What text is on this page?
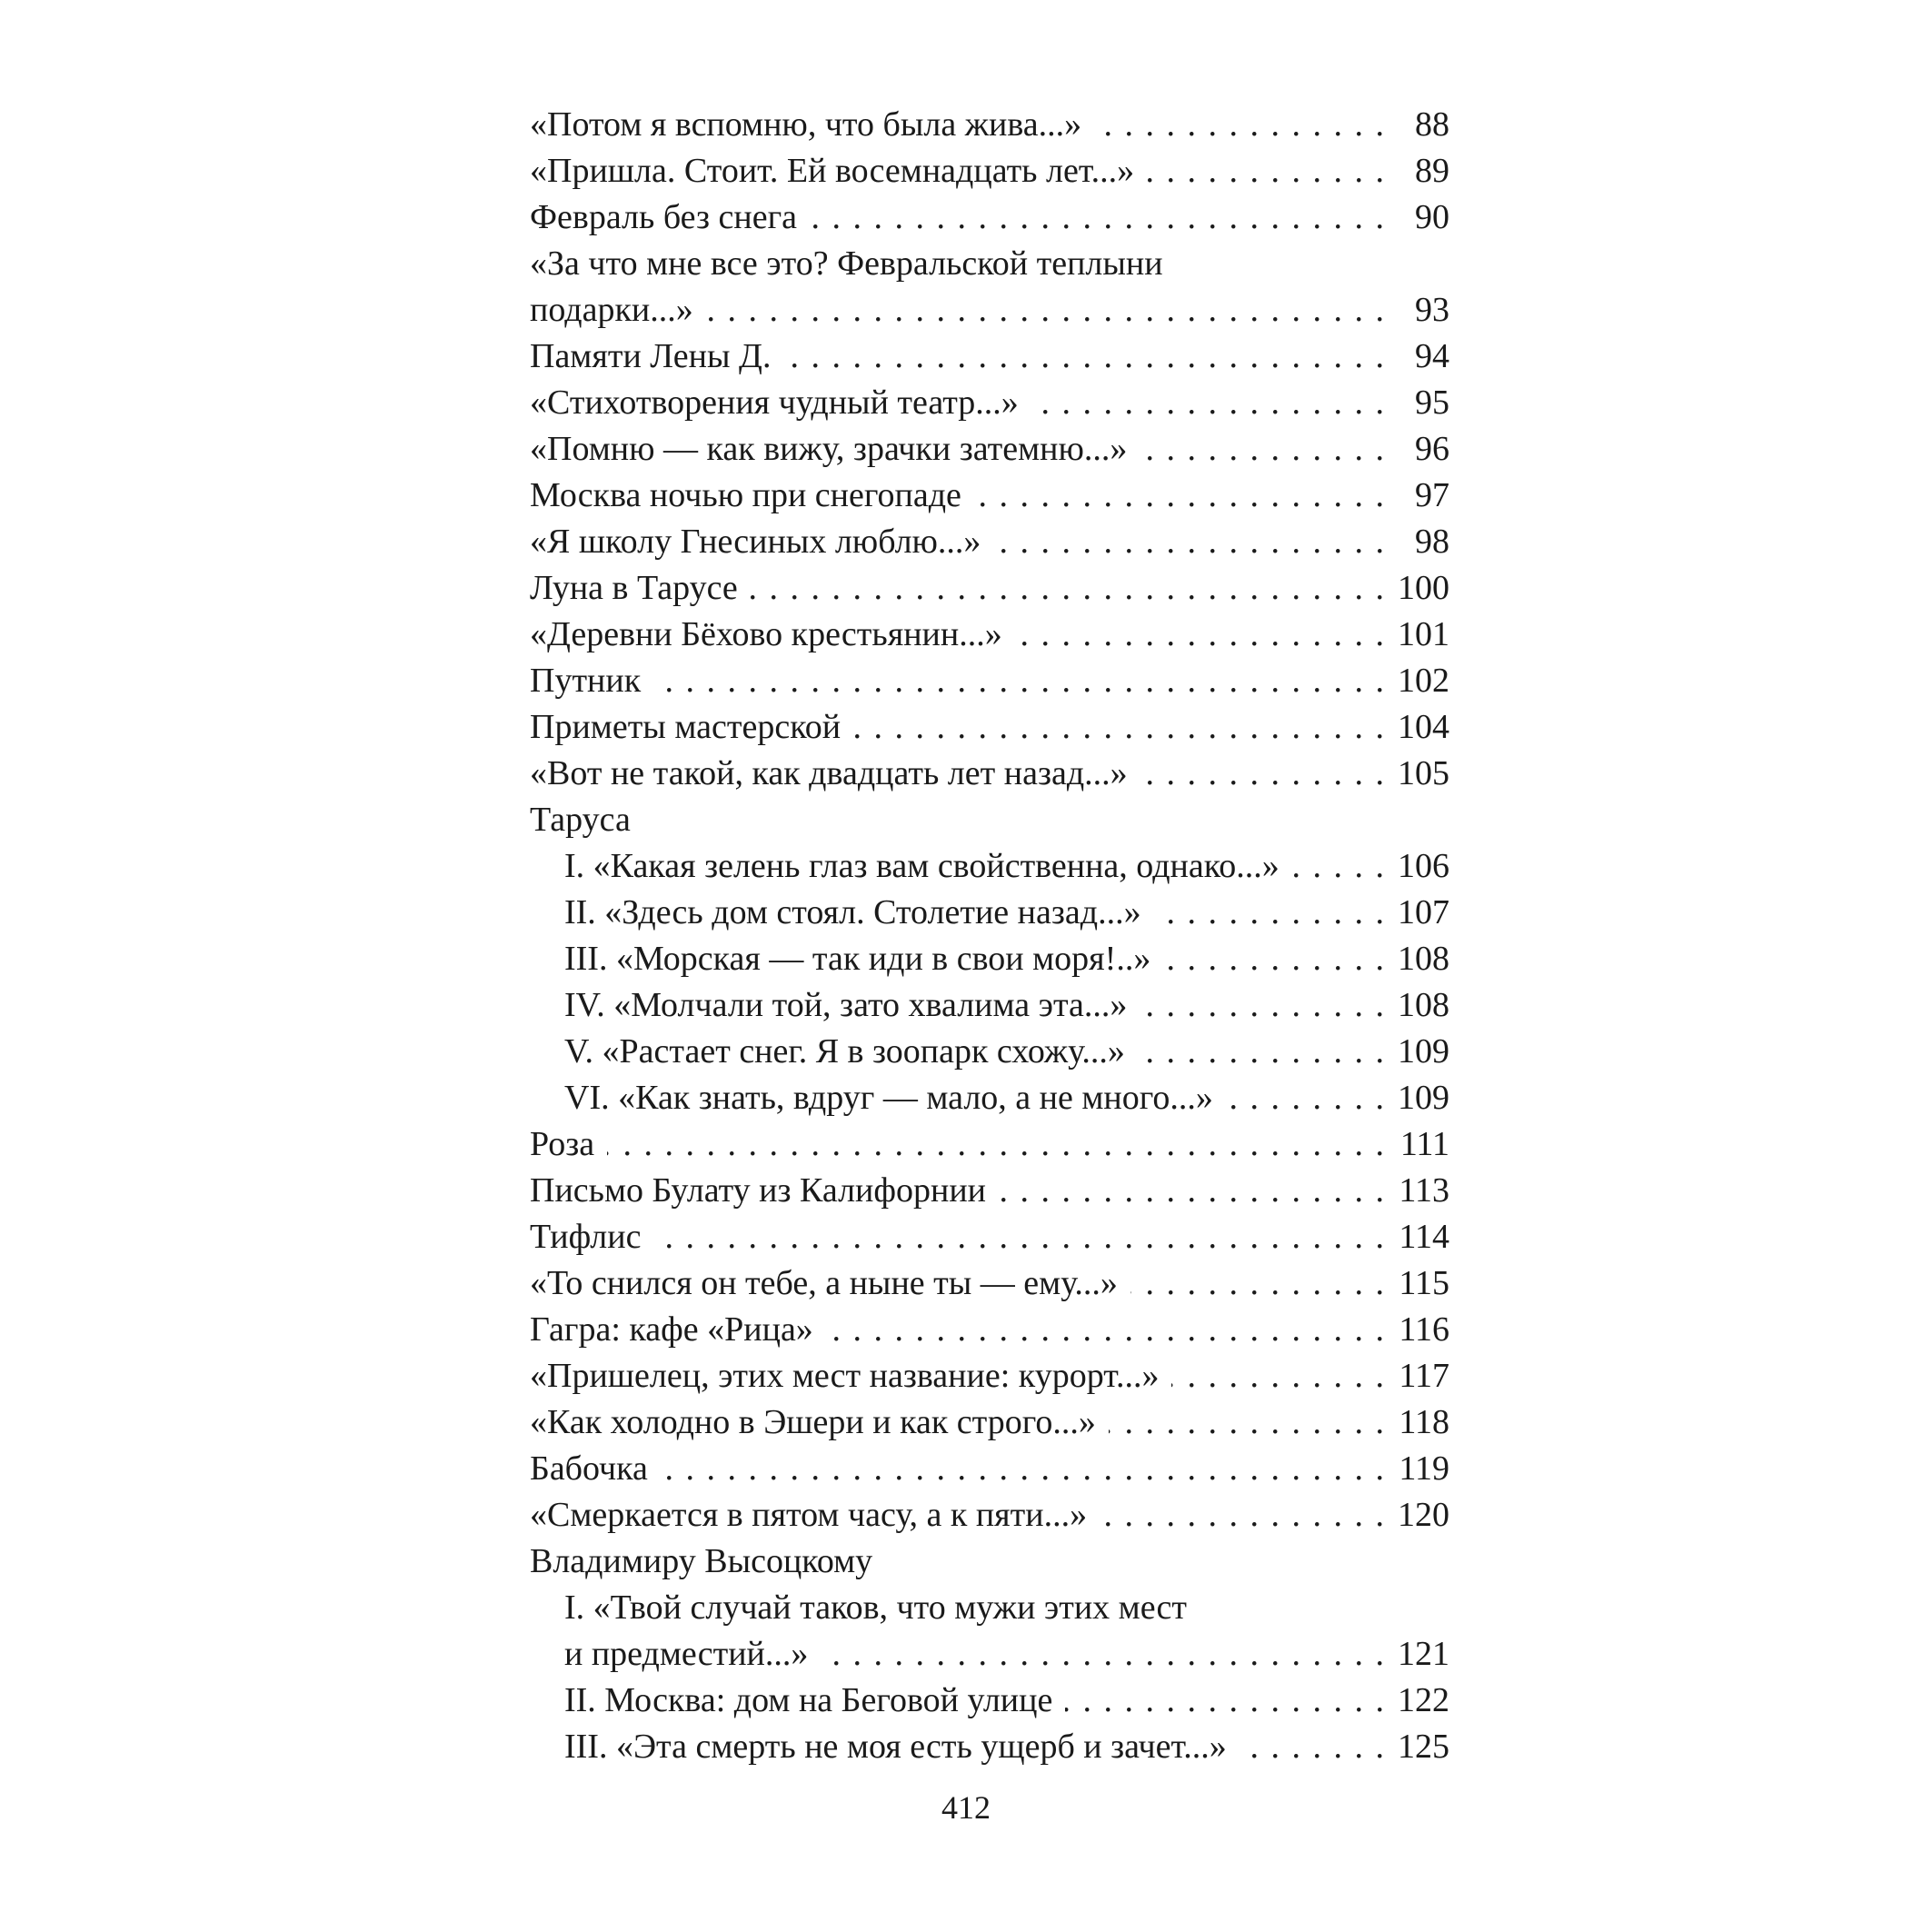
«Потом я вспомню, что была жива...» . . .	88
«Пришла. Стоит. Ей восемнадцать лет...» . . .	89
Февраль без снега . . .	90
«За что мне все это? Февральской теплыни
подарки...» . . .	93
Памяти Лены Д. . . .	94
«Стихотворения чудный театр...» . . .	95
«Помню — как вижу, зрачки затемню...» . . .	96
Москва ночью при снегопаде . . .	97
«Я школу Гнесиных люблю...» . . .	98
Луна в Тарусе . . .	100
«Деревни Бёхово крестьянин...» . . .	101
Путник . . .	102
Приметы мастерской . . .	104
«Вот не такой, как двадцать лет назад...» . . .	105
Таруса
I. «Какая зелень глаз вам свойственна, однако...» . . .	106
II. «Здесь дом стоял. Столетие назад...» . . .	107
III. «Морская — так иди в свои моря!..» . . .	108
IV. «Молчали той, зато хвалима эта...» . . .	108
V. «Растает снег. Я в зоопарк схожу...» . . .	109
VI. «Как знать, вдруг — мало, а не много...» . . .	109
Роза . . .	111
Письмо Булату из Калифорнии . . .	113
Тифлис . . .	114
«То снился он тебе, а ныне ты — ему...» . . .	115
Гагра: кафе «Рица» . . .	116
«Пришелец, этих мест название: курорт...» . . .	117
«Как холодно в Эшери и как строго...» . . .	118
Бабочка . . .	119
«Смеркается в пятом часу, а к пяти...» . . .	120
Владимиру Высоцкому
I. «Твой случай таков, что мужи этих мест
и предместий...» . . .	121
II. Москва: дом на Беговой улице . . .	122
III. «Эта смерть не моя есть ущерб и зачет...» . . .	125
412
